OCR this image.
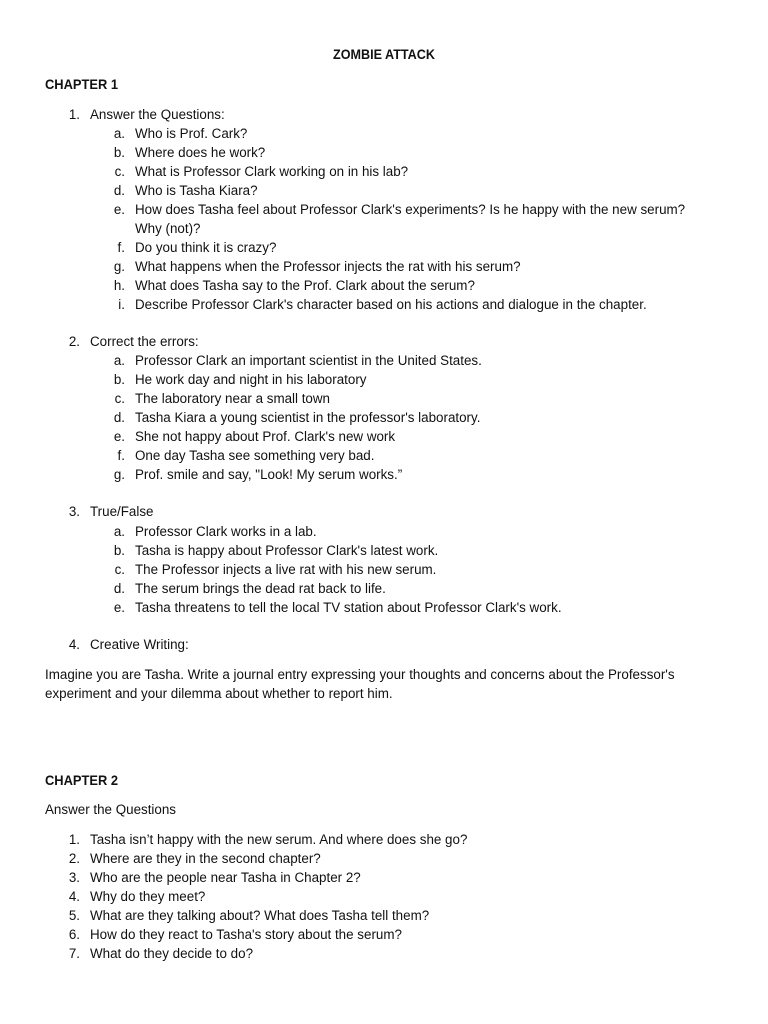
ZOMBIE ATTACK
CHAPTER 1
1. Answer the Questions:
a. Who is Prof. Cark?
b. Where does he work?
c. What is Professor Clark working on in his lab?
d. Who is Tasha Kiara?
e. How does Tasha feel about Professor Clark's experiments? Is he happy with the new serum?
Why (not)?
f. Do you think it is crazy?
g. What happens when the Professor injects the rat with his serum?
h. What does Tasha say to the Prof. Clark about the serum?
i. Describe Professor Clark's character based on his actions and dialogue in the chapter.
2. Correct the errors:
a. Professor Clark an important scientist in the United States.
b. He work day and night in his laboratory
c. The laboratory near a small town
d. Tasha Kiara a young scientist in the professor's laboratory.
e. She not happy about Prof. Clark's new work
f. One day Tasha see something very bad.
g. Prof. smile and say, "Look! My serum works.”
3. True/False
a. Professor Clark works in a lab.
b. Tasha is happy about Professor Clark's latest work.
c. The Professor injects a live rat with his new serum.
d. The serum brings the dead rat back to life.
e. Tasha threatens to tell the local TV station about Professor Clark's work.
4. Creative Writing:
Imagine you are Tasha. Write a journal entry expressing your thoughts and concerns about the Professor's experiment and your dilemma about whether to report him.
CHAPTER 2
Answer the Questions
1. Tasha isn’t happy with the new serum. And where does she go?
2. Where are they in the second chapter?
3. Who are the people near Tasha in Chapter 2?
4. Why do they meet?
5. What are they talking about? What does Tasha tell them?
6. How do they react to Tasha's story about the serum?
7. What do they decide to do?
